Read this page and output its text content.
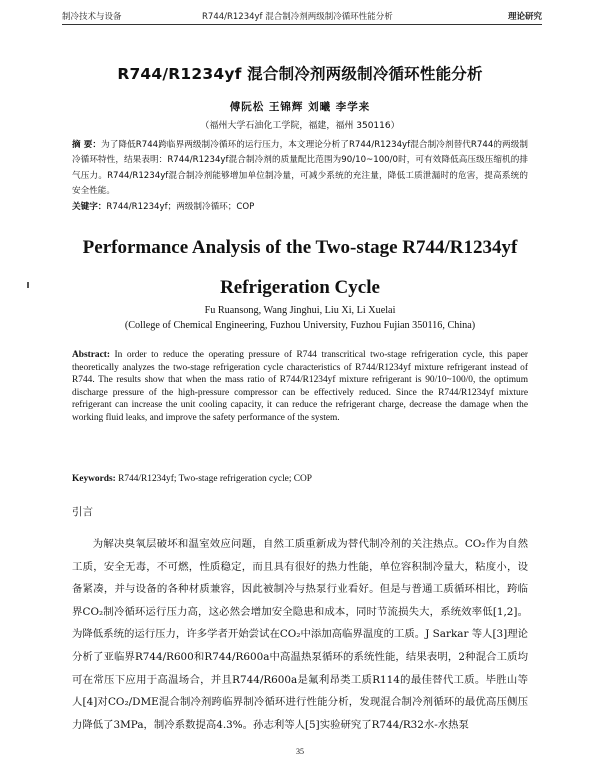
制冷技术与设备	R744/R1234yf 混合制冷剂两级制冷循环性能分析	理论研究
R744/R1234yf 混合制冷剂两级制冷循环性能分析
傅阮松 王锦辉 刘曦 李学来
（福州大学石油化工学院，福建，福州 350116）
摘 要：为了降低R744跨临界两级制冷循环的运行压力，本文理论分析了R744/R1234yf混合制冷剂替代R744的两级制冷循环特性，结果表明：R744/R1234yf混合制冷剂的质量配比范围为90/10~100/0时，可有效降低高压级压缩机的排气压力。R744/R1234yf混合制冷剂能够增加单位制冷量，可减少系统的充注量，降低工质泄漏时的危害，提高系统的安全性能。
关键字：R744/R1234yf；两级制冷循环；COP
Performance Analysis of the Two-stage R744/R1234yf
Refrigeration Cycle
Fu Ruansong, Wang Jinghui, Liu Xi, Li Xuelai
(College of Chemical Engineering, Fuzhou University, Fuzhou Fujian 350116, China)
Abstract: In order to reduce the operating pressure of R744 transcritical two-stage refrigeration cycle, this paper theoretically analyzes the two-stage refrigeration cycle characteristics of R744/R1234yf mixture refrigerant instead of R744. The results show that when the mass ratio of R744/R1234yf mixture refrigerant is 90/10~100/0, the optimum discharge pressure of the high-pressure compressor can be effectively reduced. Since the R744/R1234yf mixture refrigerant can increase the unit cooling capacity, it can reduce the refrigerant charge, decrease the damage when the working fluid leaks, and improve the safety performance of the system.
Keywords: R744/R1234yf; Two-stage refrigeration cycle; COP
引言

为解决臭氧层破坏和温室效应问题，自然工质重新成为替代制冷剂的关注热点。CO₂作为自然工质，安全无毒，不可燃，性质稳定，而且具有很好的热力性能，单位容积制冷量大，粘度小，设备紧凑，并与设备的各种材质兼容，因此被制冷与热泵行业看好。但是与普通工质循环相比，跨临界CO₂制冷循环运行压力高，这必然会增加安全隐患和成本，同时节流损失大，系统效率低[1,2]。为降低系统的运行压力，许多学者开始尝试在CO₂中添加高临界温度的工质。J Sarkar 等人[3]理论分析了亚临界R744/R600和R744/R600a中高温热泵循环的系统性能，结果表明，2种混合工质均可在常压下应用于高温场合，并且R744/R600a是氟利昂类工质R114的最佳替代工质。毕胜山等人[4]对CO₂/DME混合制冷剂跨临界制冷循环进行性能分析，发现混合制冷剂循环的最优高压侧压力降低了3MPa，制冷系数提高4.3%。孙志利等人[5]实验研究了R744/R32水-水热泵

35
